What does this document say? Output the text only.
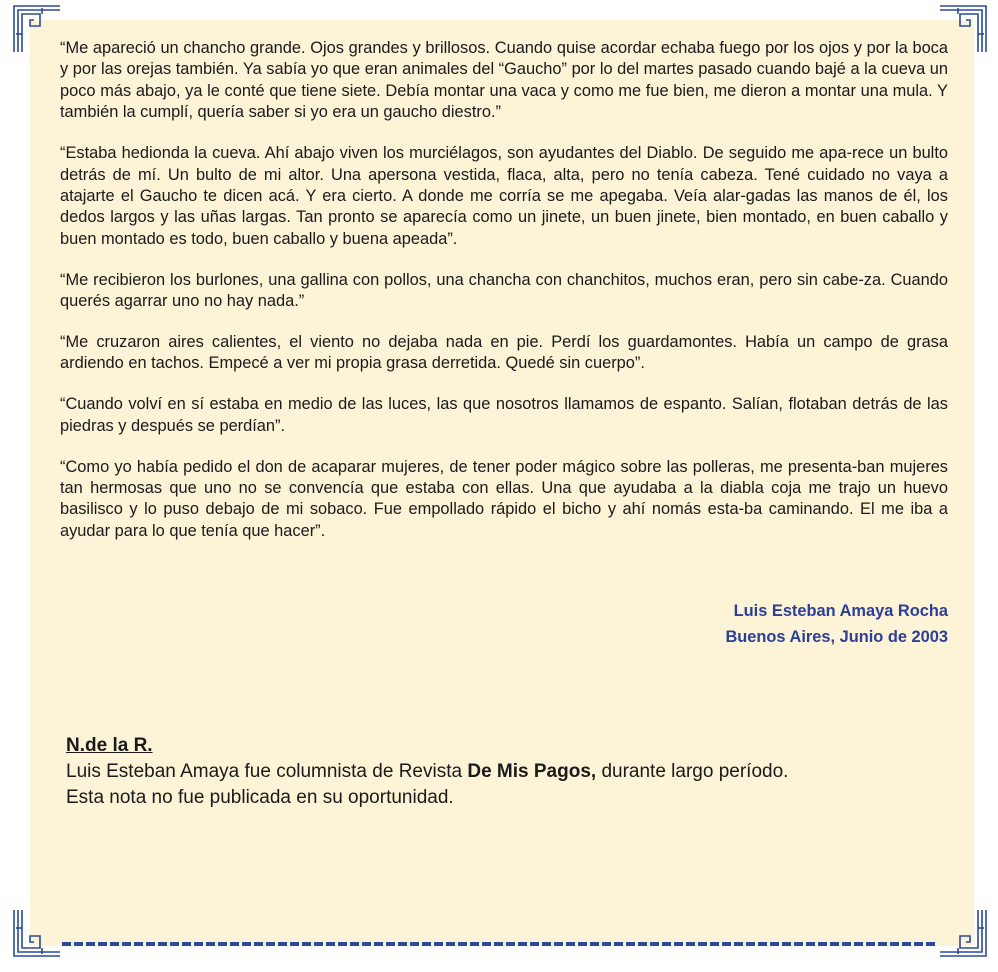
“Me apareció un chancho grande. Ojos grandes y brillosos. Cuando quise acordar echaba fuego por los ojos y por la boca y por las orejas también. Ya sabía yo que eran animales del “Gaucho” por lo del martes pasado cuando bajé a la cueva un poco más abajo, ya le conté que tiene siete. Debía montar una vaca y como me fue bien, me dieron a montar una mula. Y también la cumplí, quería saber si yo era un gaucho diestro.”

“Estaba hedionda la cueva. Ahí abajo viven los murciélagos, son ayudantes del Diablo. De seguido me apa-rece un bulto detrás de mí. Un bulto de mi altor. Una apersona vestida, flaca, alta, pero no tenía cabeza. Tené cuidado no vaya a atajarte el Gaucho te dicen acá. Y era cierto. A donde me corría se me apegaba. Veía alar-gadas las manos de él, los dedos largos y las uñas largas. Tan pronto se aparecía como un jinete, un buen jinete, bien montado, en buen caballo y buen montado es todo, buen caballo y buena apeada”.

“Me recibieron los burlones, una gallina con pollos, una chancha con chanchitos, muchos eran, pero sin cabe-za. Cuando querés agarrar uno no hay nada.”

“Me cruzaron aires calientes, el viento no dejaba nada en pie. Perdí los guardamontes. Había un campo de grasa ardiendo en tachos. Empecé a ver mi propia grasa derretida. Quedé sin cuerpo”.

“Cuando volví en sí estaba en medio de las luces, las que nosotros llamamos de espanto. Salían, flotaban detrás de las piedras y después se perdían”.

“Como yo había pedido el don de acaparar mujeres, de tener poder mágico sobre las polleras, me presenta-ban mujeres tan hermosas que uno no se convencía que estaba con ellas. Una que ayudaba a la diabla coja me trajo un huevo basilisco y lo puso debajo de mi sobaco. Fue empollado rápido el bicho y ahí nomás esta-ba caminando. El me iba a ayudar para lo que tenía que hacer”.

Luis Esteban Amaya Rocha
Buenos Aires, Junio de 2003
N.de la R.
Luis Esteban Amaya fue columnista de Revista De Mis Pagos, durante largo período.
Esta nota no fue publicada en su oportunidad.
